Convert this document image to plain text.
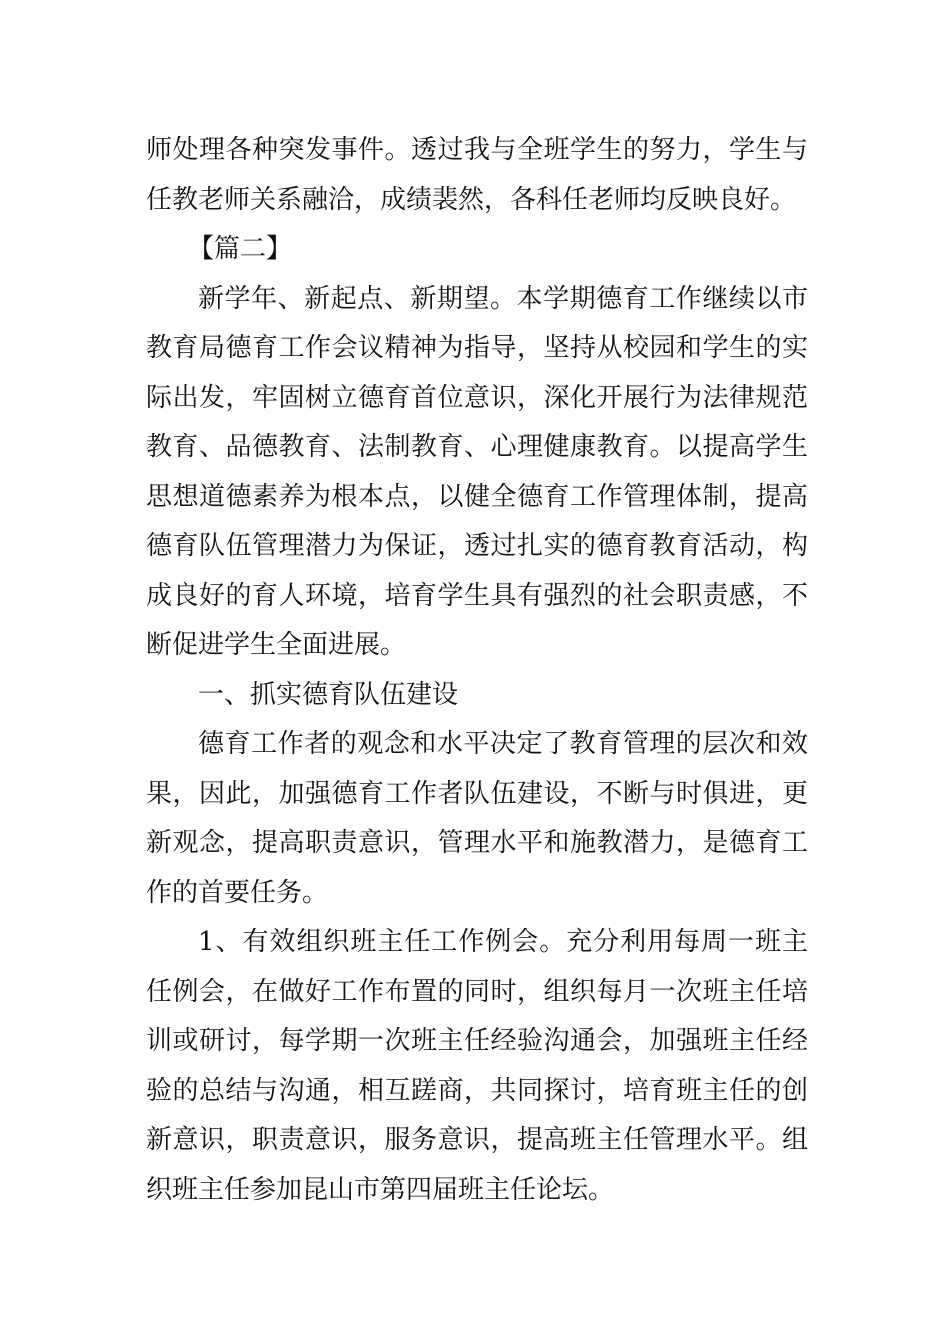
师处理各种突发事件。透过我与全班学生的努力，学生与任教老师关系融洽，成绩裴然，各科任老师均反映良好。

【篇二】

新学年、新起点、新期望。本学期德育工作继续以市教育局德育工作会议精神为指导，坚持从校园和学生的实际出发，牢固树立德育首位意识，深化开展行为法律规范教育、品德教育、法制教育、心理健康教育。以提高学生思想道德素养为根本点，以健全德育工作管理体制，提高德育队伍管理潜力为保证，透过扎实的德育教育活动，构成良好的育人环境，培育学生具有强烈的社会职责感，不断促进学生全面进展。

一、抓实德育队伍建设

德育工作者的观念和水平决定了教育管理的层次和效果，因此，加强德育工作者队伍建设，不断与时俱进，更新观念，提高职责意识，管理水平和施教潜力，是德育工作的首要任务。

1、有效组织班主任工作例会。充分利用每周一班主任例会，在做好工作布置的同时，组织每月一次班主任培训或研讨，每学期一次班主任经验沟通会，加强班主任经验的总结与沟通，相互蹉商，共同探讨，培育班主任的创新意识，职责意识，服务意识，提高班主任管理水平。组织班主任参加昆山市第四届班主任论坛。
